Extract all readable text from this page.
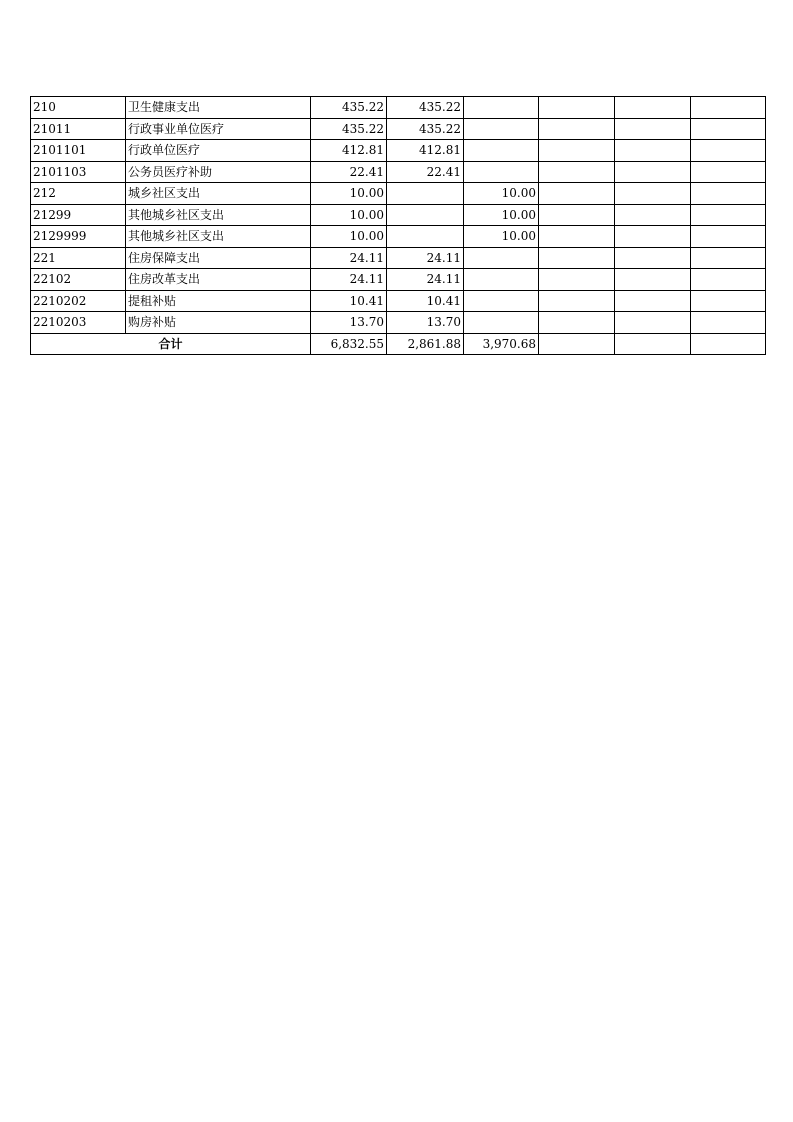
210	卫生健康支出	435.22	435.22				
21011	行政事业单位医疗	435.22	435.22				
2101101	行政单位医疗	412.81	412.81				
2101103	公务员医疗补助	22.41	22.41				
212	城乡社区支出	10.00		10.00			
21299	其他城乡社区支出	10.00		10.00			
2129999	其他城乡社区支出	10.00		10.00			
221	住房保障支出	24.11	24.11				
22102	住房改革支出	24.11	24.11				
2210202	提租补贴	10.41	10.41				
2210203	购房补贴	13.70	13.70				
合计		6,832.55	2,861.88	3,970.68			
